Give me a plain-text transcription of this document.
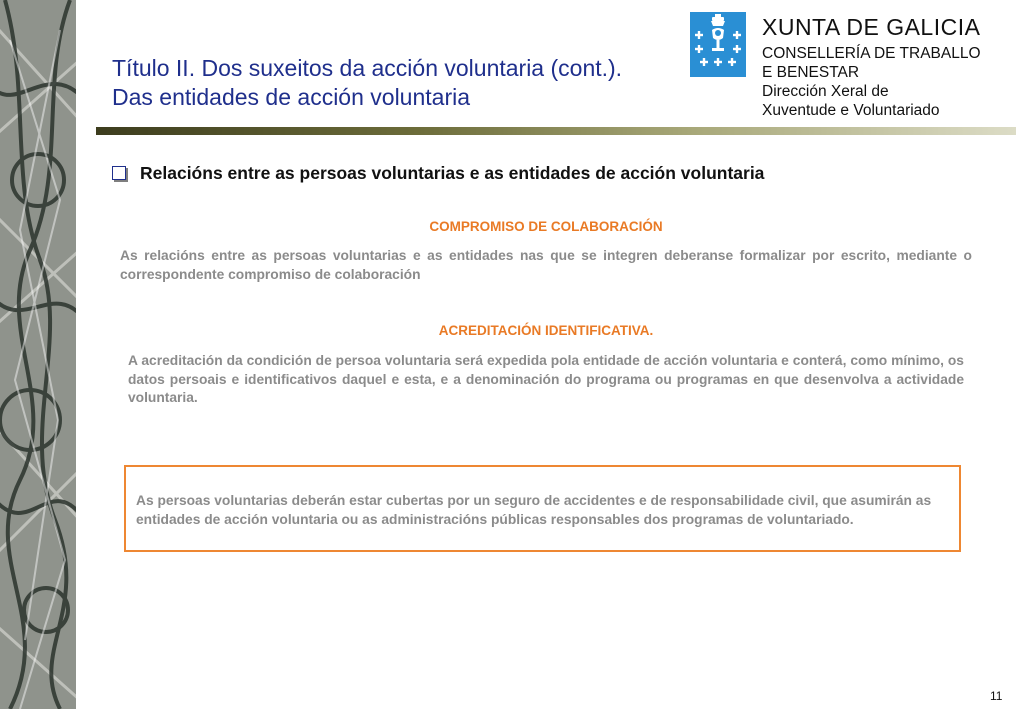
Título II. Dos suxeitos da acción voluntaria (cont.).
Das entidades de acción voluntaria
XUNTA DE GALICIA
CONSELLERÍA DE TRABALLO
E BENESTAR
Dirección Xeral de
Xuventude e Voluntariado
Relacións entre as persoas voluntarias e as entidades de acción voluntaria
COMPROMISO DE COLABORACIÓN
As relacións entre as persoas voluntarias e as entidades nas que se integren deberanse formalizar por escrito, mediante o correspondente compromiso de colaboración
ACREDITACIÓN IDENTIFICATIVA.
A acreditación da condición de persoa voluntaria será expedida pola entidade de acción voluntaria e conterá, como mínimo, os datos persoais e identificativos daquel e esta, e a denominación do programa ou programas en que desenvolva a actividade voluntaria.
As persoas voluntarias deberán estar cubertas por un seguro de accidentes e de responsabilidade civil, que asumirán as entidades de acción voluntaria ou as administracións públicas responsables dos programas de voluntariado.
11
